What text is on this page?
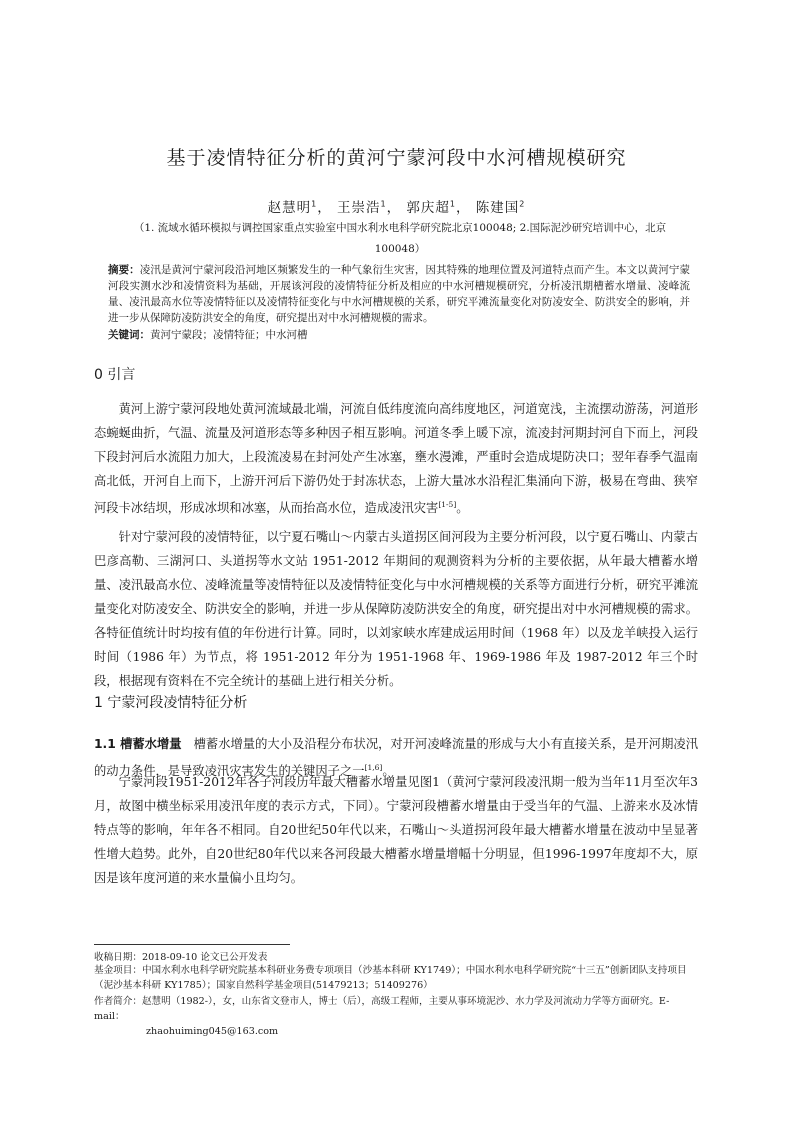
基于凌情特征分析的黄河宁蒙河段中水河槽规模研究
赵慧明$^1$， 王崇浩$^1$， 郭庆超$^1$， 陈建国$^2$
（1. 流域水循环模拟与调控国家重点实验室中国水利水电科学研究院北京100048; 2.国际泥沙研究培训中心，北京
100048）
摘要：凌汛是黄河宁蒙河段沿河地区频繁发生的一种气象衍生灾害，因其特殊的地理位置及河道特点而产生。本文以黄河宁蒙河段实测水沙和凌情资料为基础，开展该河段的凌情特征分析及相应的中水河槽规模研究，分析凌汛期槽蓄水增量、凌峰流量、凌汛最高水位等凌情特征以及凌情特征变化与中水河槽规模的关系，研究平滩流量变化对防凌安全、防洪安全的影响，并进一步从保障防凌防洪安全的角度，研究提出对中水河槽规模的需求。
关键词：黄河宁蒙段；凌情特征；中水河槽
0 引言

黄河上游宁蒙河段地处黄河流域最北端，河流自低纬度流向高纬度地区，河道宽浅，主流摆动游荡，河道形态蜿蜒曲折，气温、流量及河道形态等多种因子相互影响。河道冬季上暖下凉，流凌封河期封河自下而上，河段下段封河后水流阻力加大，上段流凌易在封河处产生冰塞，壅水漫滩，严重时会造成堤防决口；翌年春季气温南高北低，开河自上而下，上游开河后下游仍处于封冻状态，上游大量冰水沿程汇集涌向下游，极易在弯曲、狭窄河段卡冰结坝，形成冰坝和冰塞，从而抬高水位，造成凌汛灾害[1-5]。

针对宁蒙河段的凌情特征，以宁夏石嘴山～内蒙古头道拐区间河段为主要分析河段，以宁夏石嘴山、内蒙古巴彦高勒、三湖河口、头道拐等水文站 1951-2012 年期间的观测资料为分析的主要依据，从年最大槽蓄水增量、凌汛最高水位、凌峰流量等凌情特征以及凌情特征变化与中水河槽规模的关系等方面进行分析，研究平滩流量变化对防凌安全、防洪安全的影响，并进一步从保障防凌防洪安全的角度，研究提出对中水河槽规模的需求。各特征值统计时均按有值的年份进行计算。同时，以刘家峡水库建成运用时间（1968 年）以及龙羊峡投入运行时间（1986 年）为节点，将 1951-2012 年分为 1951-1968 年、1969-1986 年及 1987-2012 年三个时段，根据现有资料在不完全统计的基础上进行相关分析。

1 宁蒙河段凌情特征分析

1.1 槽蓄水增量 槽蓄水增量的大小及沿程分布状况，对开河凌峰流量的形成与大小有直接关系，是开河期凌汛的动力条件，是导致凌汛灾害发生的关键因子之一[1,6]。

宁蒙河段1951-2012年各子河段历年最大槽蓄水增量见图1（黄河宁蒙河段凌汛期一般为当年11月至次年3月，故图中横坐标采用凌汛年度的表示方式，下同）。宁蒙河段槽蓄水增量由于受当年的气温、上游来水及冰情特点等的影响，年年各不相同。自20世纪50年代以来，石嘴山～头道拐河段年最大槽蓄水增量在波动中呈显著性增大趋势。此外，自20世纪80年代以来各河段最大槽蓄水增量增幅十分明显，但1996-1997年度却不大，原因是该年度河道的来水量偏小且均匀。

收稿日期：2018-09-10 论文已公开发表
基金项目：中国水利水电科学研究院基本科研业务费专项项目（沙基本科研 KY1749）；中国水利水电科学研究院“十三五”创新团队支持项目（泥沙基本科研 KY1785）；国家自然科学基金项目(51479213；51409276）
作者简介：赵慧明（1982-），女，山东省文登市人，博士（后），高级工程师，主要从事环境泥沙、水力学及河流动力学等方面研究。E-mail：
zhaohuiming045@163.com
